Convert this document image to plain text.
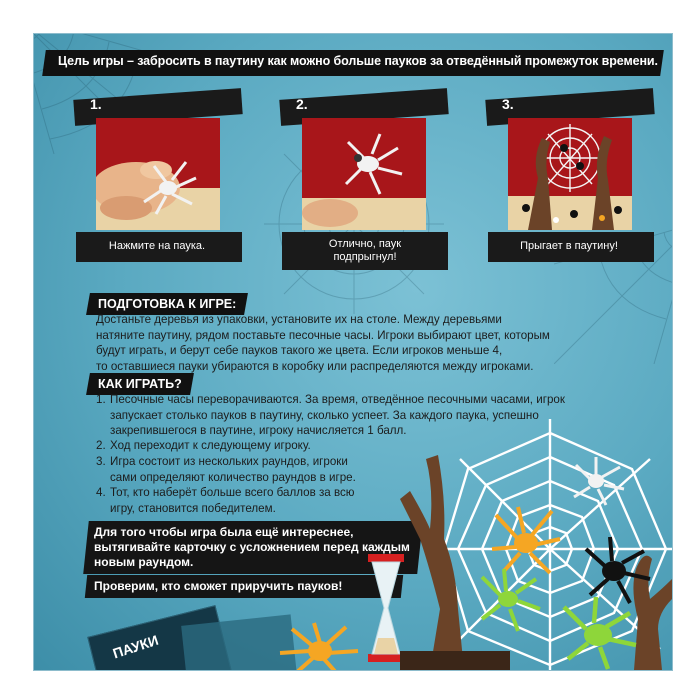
Цель игры – забросить в паутину как можно больше пауков за отведённый промежуток времени.
1.
Нажмите на паука.
2.
Отлично, паук подпрыгнул!
3.
Прыгает в паутину!
ПОДГОТОВКА К ИГРЕ:
Достаньте деревья из упаковки, установите их на столе. Между деревьями
натяните паутину, рядом поставьте песочные часы. Игроки выбирают цвет, которым
будут играть, и берут себе пауков такого же цвета. Если игроков меньше 4,
то оставшиеся пауки убираются в коробку или распределяются между игроками.
КАК ИГРАТЬ?
1. Песочные часы переворачиваются. За время, отведённое песочными часами, игрок
запускает столько пауков в паутину, сколько успеет. За каждого паука, успешно
закрепившегося в паутине, игроку начисляется 1 балл.
2. Ход переходит к следующему игроку.
3. Игра состоит из нескольких раундов, игроки
сами определяют количество раундов в игре.
4. Тот, кто наберёт больше всего баллов за всю
игру, становится победителем.
Для того чтобы игра была ещё интереснее,
вытягивайте карточку с усложнением перед каждым
новым раундом.
Проверим, кто сможет приручить пауков!
ПАУКИ
